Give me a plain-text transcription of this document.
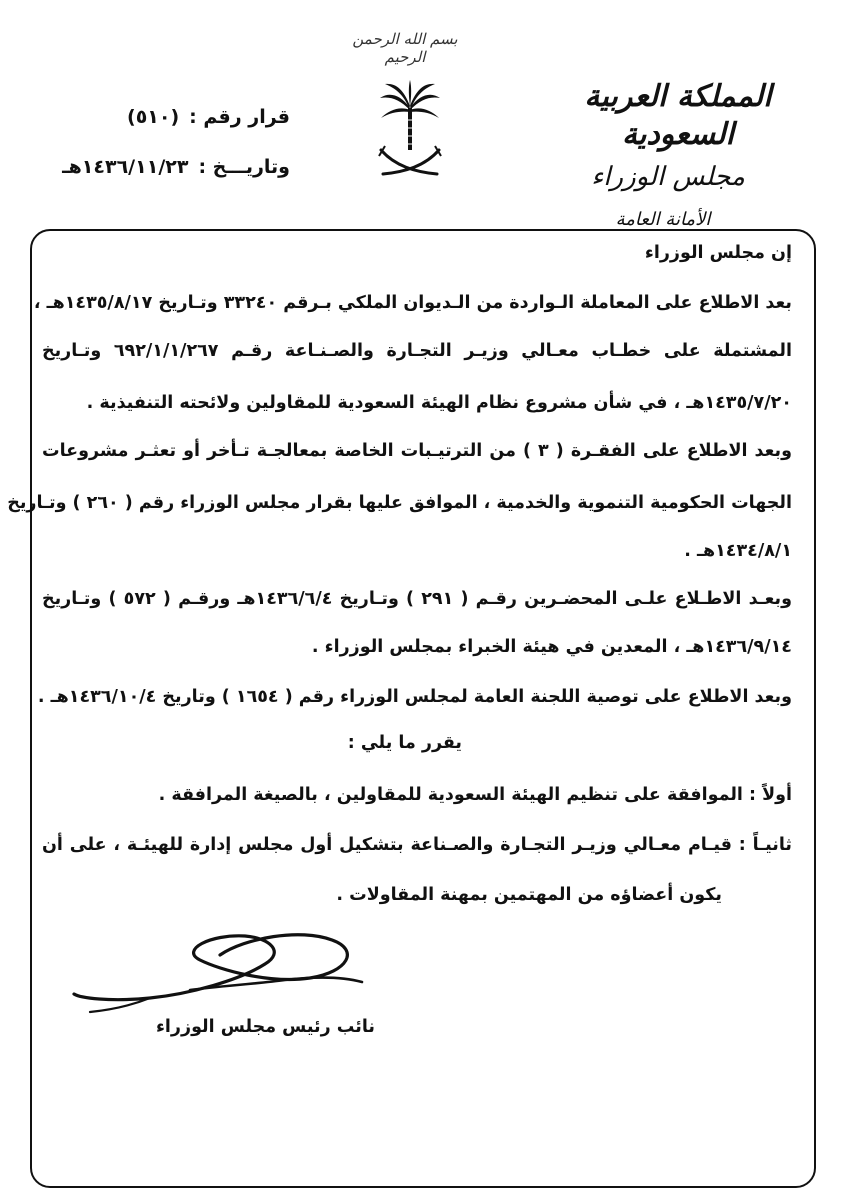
بسم الله الرحمن الرحيم
المملكة العربية السعودية
مجلس الوزراء
الأمانة العامة
قرار رقم :
(٥١٠)
وتاريـــخ :
١٤٣٦/١١/٢٣هـ
إن مجلس الوزراء
بعد الاطلاع على المعاملة الـواردة من الـديوان الملكي بـرقم ٣٣٢٤٠ وتـاريخ ١٤٣٥/٨/١٧هـ ،
المشتملة على خطـاب معـالي وزيـر التجـارة والصـنـاعة رقـم ٦٩٢/١/١/٢٦٧ وتـاريخ
١٤٣٥/٧/٢٠هـ ، في شأن مشروع نظام الهيئة السعودية للمقاولين ولائحته التنفيذية .
وبعد الاطلاع على الفقـرة ( ٣ ) من الترتيـبات الخاصة بمعالجـة تـأخر أو تعثـر مشروعات
الجهات الحكومية التنموية والخدمية ، الموافق عليها بقرار مجلس الوزراء رقم ( ٢٦٠ ) وتـاريخ
١٤٣٤/٨/١هـ .
وبعـد الاطـلاع علـى المحضـرين رقـم ( ٢٩١ ) وتـاريخ ١٤٣٦/٦/٤هـ ورقـم ( ٥٧٢ ) وتـاريخ
١٤٣٦/٩/١٤هـ ، المعدين في هيئة الخبراء بمجلس الوزراء .
وبعد الاطلاع على توصية اللجنة العامة لمجلس الوزراء رقم ( ١٦٥٤ ) وتاريخ ١٤٣٦/١٠/٤هـ .
يقرر ما يلي :
أولاً : الموافقة على تنظيم الهيئة السعودية للمقاولين ، بالصيغة المرافقة .
ثانيـاً : قيـام معـالي وزيـر التجـارة والصـناعة بتشكيل أول مجلس إدارة للهيئـة ، على أن
يكون أعضاؤه من المهتمين بمهنة المقاولات .
نائب رئيس مجلس الوزراء
